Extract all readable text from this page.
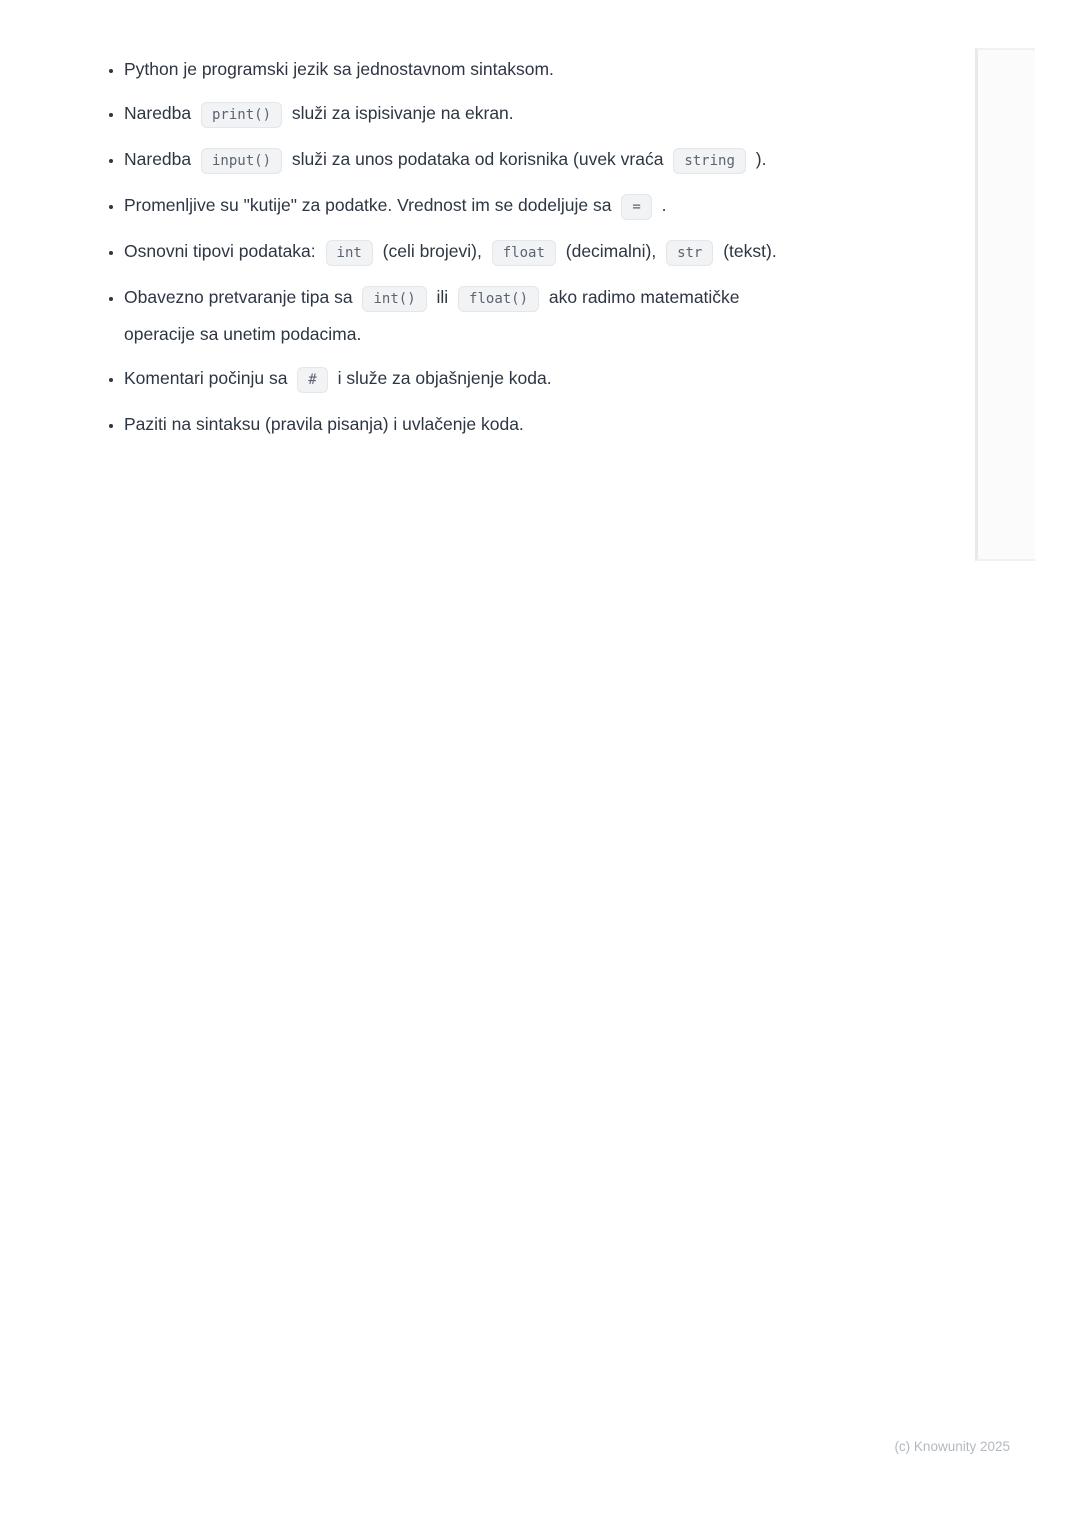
• Python je programski jezik sa jednostavnom sintaksom.
• Naredba print() služi za ispisivanje na ekran.
• Naredba input() služi za unos podataka od korisnika (uvek vraća string ).
• Promenljive su "kutije" za podatke. Vrednost im se dodeljuje sa = .
• Osnovni tipovi podataka: int (celi brojevi), float (decimalni), str (tekst).
• Obavezno pretvaranje tipa sa int() ili float() ako radimo matematičke operacije sa unetim podacima.
• Komentari počinju sa # i služe za objašnjenje koda.
• Paziti na sintaksu (pravila pisanja) i uvlačenje koda.
(c) Knowunity 2025
